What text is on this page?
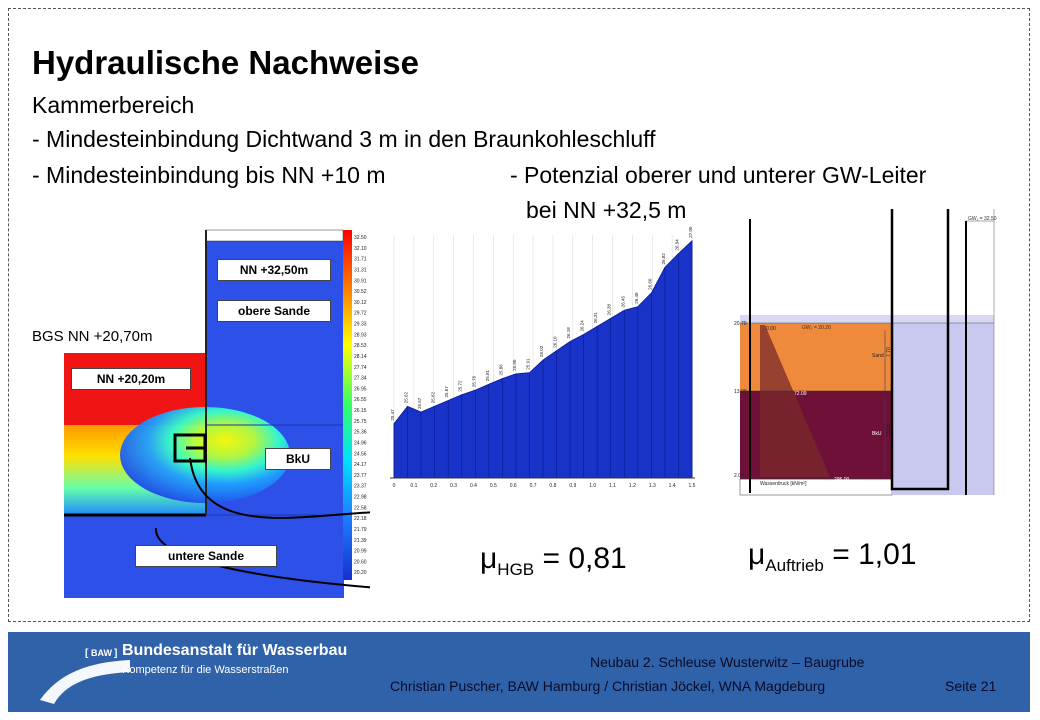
Hydraulische Nachweise
Kammerbereich
- Mindesteinbindung Dichtwand 3 m in den Braunkohleschluff
- Mindesteinbindung bis NN +10 m	- Potenzial oberer und unterer GW-Leiter
bei NN +32,5 m
32.50
32.10
31.71
31.31
30.91
30.52
30.12
29.72
29.33
28.93
28.53
28.14
27.74
27.34
26.95
26.55
26.15
25.75
25.36
24.96
24.56
24.17
23.77
23.37
22.98
22.58
22.18
21.79
21.39
20.99
20.60
20.20
BGS NN +20,70m
NN +32,50m
obere Sande
NN +20,20m
BkU
untere Sande
25.47
25.62
25.57
25.62
25.67
25.72 25.76
25.81
25.86 25.90 25.91
26.02
26.10
26.18
26.24
26.31
26.38
26.45 26.48
26.60
26.82
26.94
27.05
0	0.1	0.2	0.3	0.4	0.5	0.6	0.7	0.8	0.9	1.0	1.1	1.2	1.3	1.4	1.5
$\mu_{HGB} = 0,81$	$\mu_{Auftrieb} = 1,01$
GW₁ = 32.50
GW₂ = 20.20
20.70
13.00
2.00
0.00
72.09
295.00
Sand
BkU
7.70
10.00
Wasserdruck [kN/m²]
[ BAW ] Bundesanstalt für Wasserbau
Kompetenz für die Wasserstraßen	Neubau 2. Schleuse Wusterwitz – Baugrube
Christian Puscher, BAW Hamburg / Christian Jöckel, WNA Magdeburg	Seite 21
